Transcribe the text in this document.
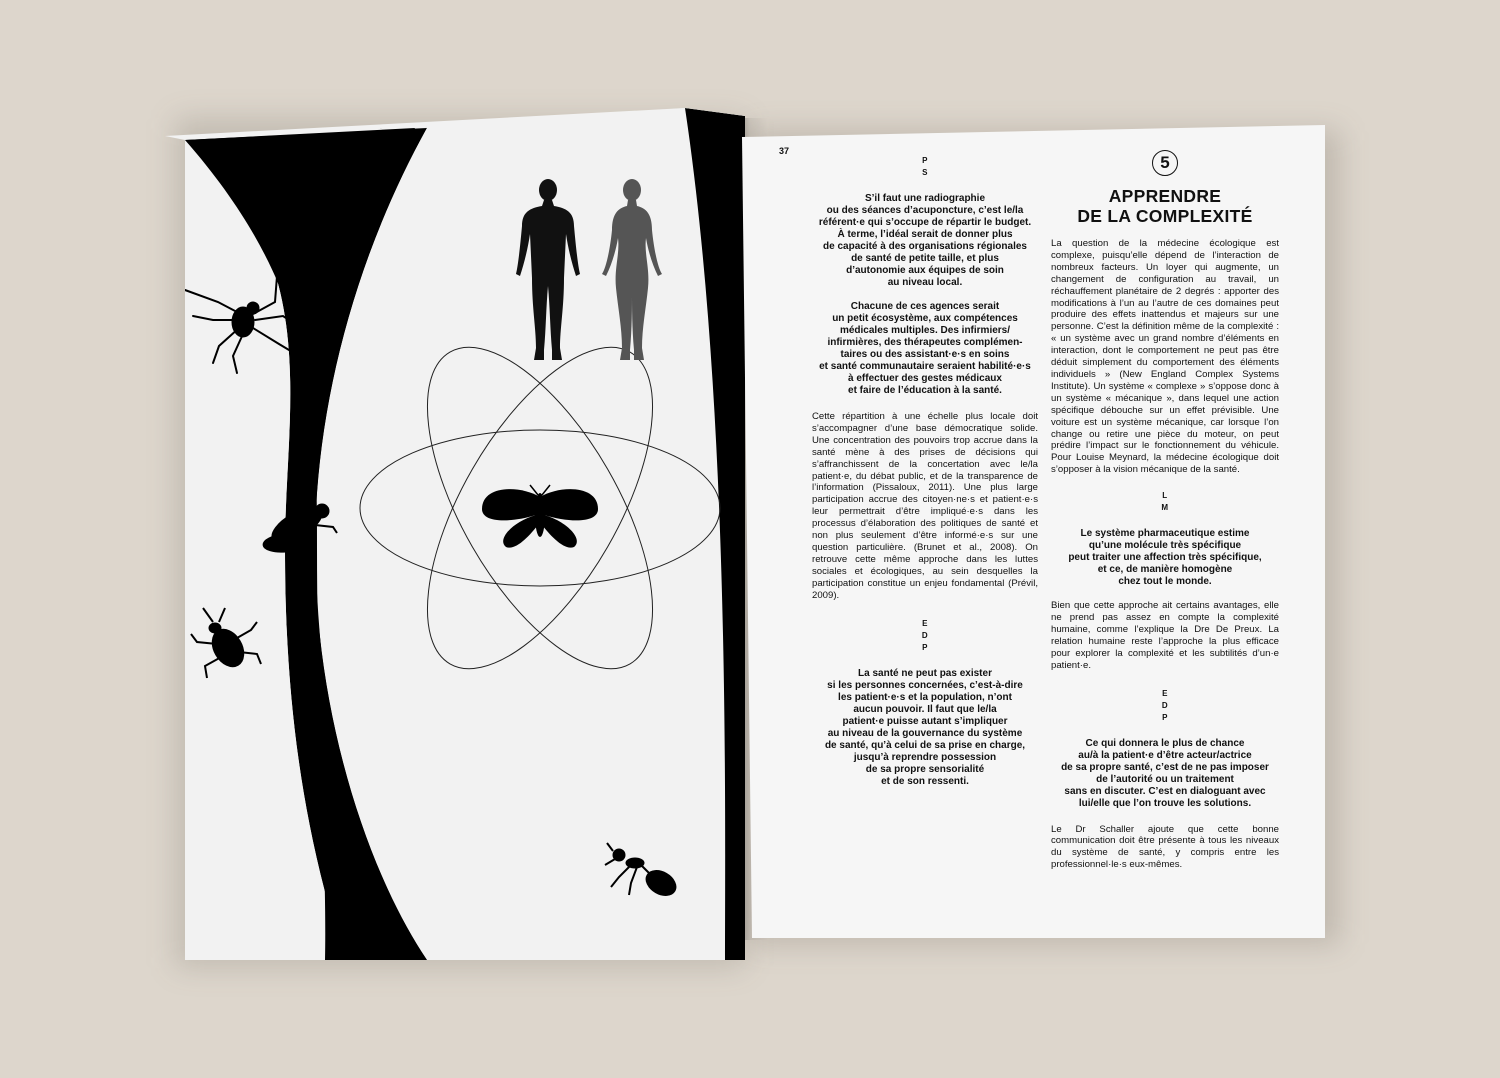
37
P
S
S’il faut une radiographie
ou des séances d’acuponcture, c’est le/la
référent·e qui s’occupe de répartir le budget.
À terme, l’idéal serait de donner plus
de capacité à des organisations régionales
de santé de petite taille, et plus
d’autonomie aux équipes de soin
au niveau local.
Chacune de ces agences serait
un petit écosystème, aux compétences
médicales multiples. Des infirmiers/
infirmières, des thérapeutes complémen-
taires ou des assistant·e·s en soins
et santé communautaire seraient habilité·e·s
à effectuer des gestes médicaux
et faire de l’éducation à la santé.

Cette répartition à une échelle plus locale doit s’accompagner d’une base démocratique solide. Une concentration des pouvoirs trop accrue dans la santé mène à des prises de décisions qui s’affranchissent de la concertation avec le/la patient·e, du débat public, et de la transparence de l’information (Pissaloux, 2011). Une plus large participation accrue des citoyen·ne·s et patient·e·s leur permettrait d’être impliqué·e·s dans les processus d’élaboration des politiques de santé et non plus seulement d’être informé·e·s sur une question particulière. (Brunet et al., 2008). On retrouve cette même approche dans les luttes sociales et écologiques, au sein desquelles la participation constitue un enjeu fondamental (Prévil, 2009).

E
D
P
La santé ne peut pas exister
si les personnes concernées, c’est-à-dire
les patient·e·s et la population, n’ont
aucun pouvoir. Il faut que le/la
patient·e puisse autant s’impliquer
au niveau de la gouvernance du système
de santé, qu’à celui de sa prise en charge,
jusqu’à reprendre possession
de sa propre sensorialité
et de son ressenti.
5
APPRENDRE
DE LA COMPLEXITÉ

La question de la médecine écologique est complexe, puisqu’elle dépend de l’interaction de nombreux facteurs. Un loyer qui augmente, un changement de configuration au travail, un réchauffement planétaire de 2 degrés : apporter des modifications à l’un au l’autre de ces domaines peut produire des effets inattendus et majeurs sur une personne. C’est la définition même de la complexité : « un système avec un grand nombre d’éléments en interaction, dont le comportement ne peut pas être déduit simplement du comportement des éléments individuels » (New England Complex Systems Institute). Un système « complexe » s’oppose donc à un système « mécanique », dans lequel une action spécifique débouche sur un effet prévisible. Une voiture est un système mécanique, car lorsque l’on change ou retire une pièce du moteur, on peut prédire l’impact sur le fonctionnement du véhicule. Pour Louise Meynard, la médecine écologique doit s’opposer à la vision mécanique de la santé.

L
M
Le système pharmaceutique estime
qu’une molécule très spécifique
peut traiter une affection très spécifique,
et ce, de manière homogène
chez tout le monde.

Bien que cette approche ait certains avantages, elle ne prend pas assez en compte la complexité humaine, comme l’explique la Dre De Preux. La relation humaine reste l’approche la plus efficace pour explorer la complexité et les subtilités d’un·e patient·e.

E
D
P
Ce qui donnera le plus de chance
au/à la patient·e d’être acteur/actrice
de sa propre santé, c’est de ne pas imposer
de l’autorité ou un traitement
sans en discuter. C’est en dialoguant avec
lui/elle que l’on trouve les solutions.

Le Dr Schaller ajoute que cette bonne communication doit être présente à tous les niveaux du système de santé, y compris entre les professionnel·le·s eux-mêmes.
